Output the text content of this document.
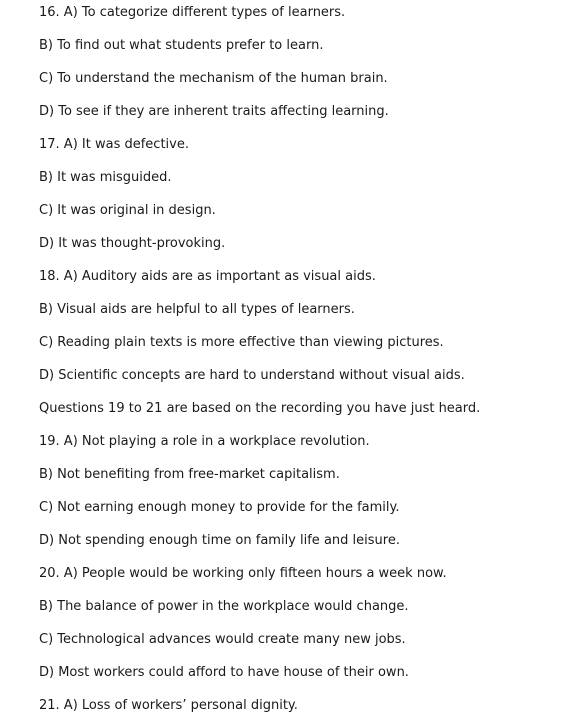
16. A) To categorize different types of learners.
B) To find out what students prefer to learn.
C) To understand the mechanism of the human brain.
D) To see if they are inherent traits affecting learning.
17. A) It was defective.
B) It was misguided.
C) It was original in design.
D) It was thought-provoking.
18. A) Auditory aids are as important as visual aids.
B) Visual aids are helpful to all types of learners.
C) Reading plain texts is more effective than viewing pictures.
D) Scientific concepts are hard to understand without visual aids.
Questions 19 to 21 are based on the recording you have just heard.
19. A) Not playing a role in a workplace revolution.
B) Not benefiting from free-market capitalism.
C) Not earning enough money to provide for the family.
D) Not spending enough time on family life and leisure.
20. A) People would be working only fifteen hours a week now.
B) The balance of power in the workplace would change.
C) Technological advances would create many new jobs.
D) Most workers could afford to have house of their own.
21. A) Loss of workers’ personal dignity.
